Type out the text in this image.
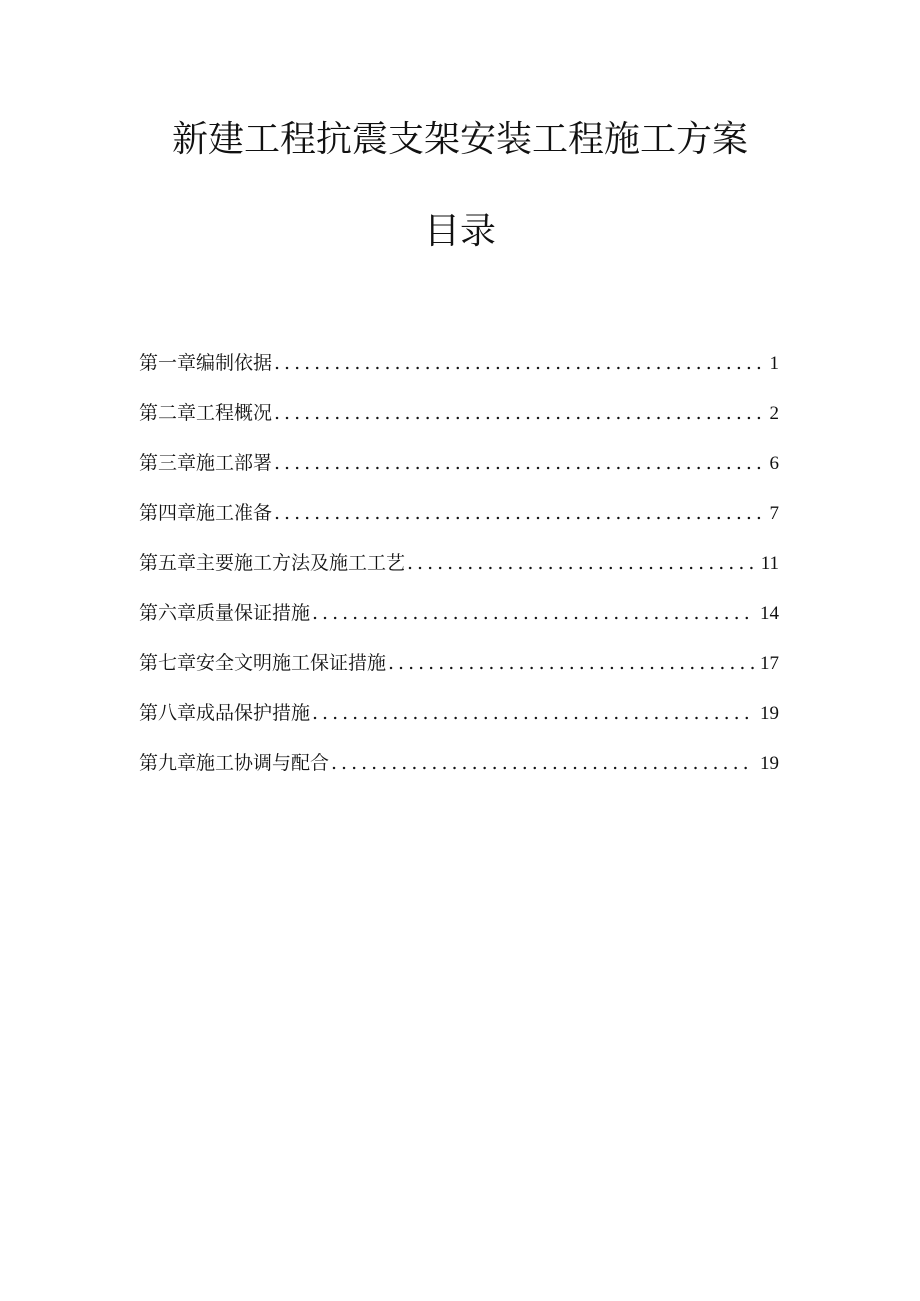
新建工程抗震支架安装工程施工方案
目录
第一章编制依据 .....	1
第二章工程概况 .....	2
第三章施工部署 .....	6
第四章施工准备 .....	7
第五章主要施工方法及施工工艺 .....	11
第六章质量保证措施 .....	14
第七章安全文明施工保证措施 .....	17
第八章成品保护措施 .....	19
第九章施工协调与配合 .....	19
